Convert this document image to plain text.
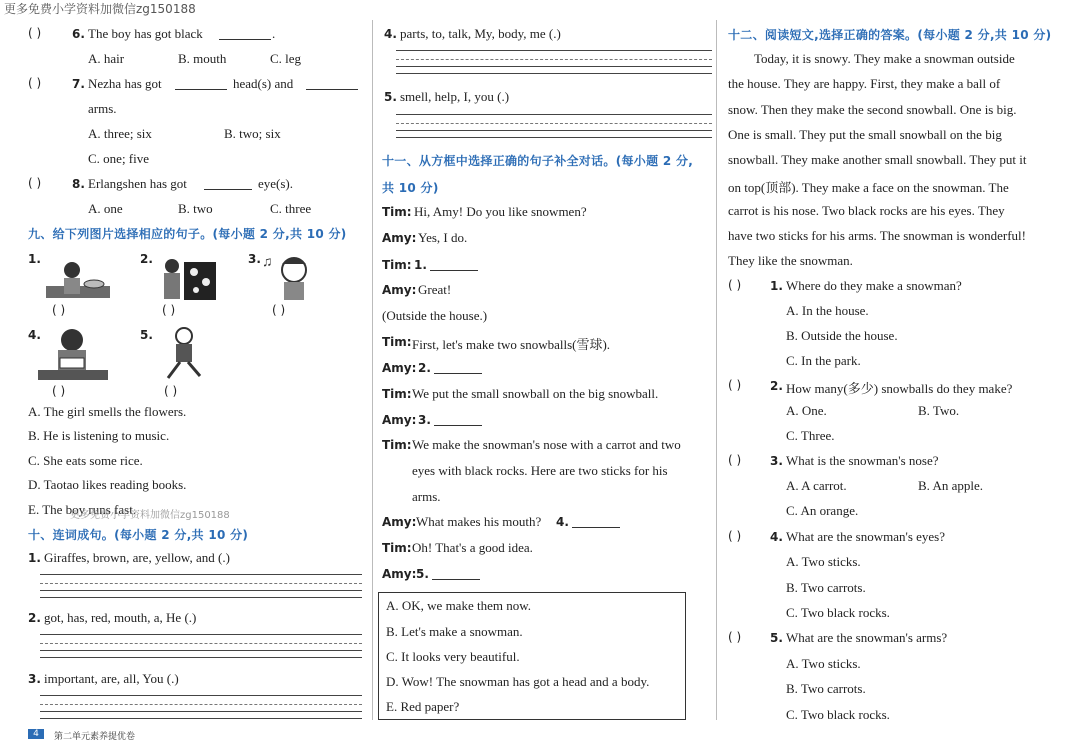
更多免费小学资料加微信zg150188
( )	6. The boy has got black	.
A. hair	B. mouth	C. leg
( )	7. Nezha has got	head(s) and
arms.
A. three; six	B. two; six
C. one; five
( )	8. Erlangshen has got	eye(s).
A. one	B. two	C. three
九、给下列图片选择相应的句子。(每小题 2 分,共 10 分)
1.
( )
2.
( )
3. ♫
( )
4.
( )
5.
( )
A. The girl smells the flowers.
B. He is listening to music.
C. She eats some rice.
D. Taotao likes reading books.
E. The boy runs fast.
更多免费小学资料加微信zg150188
十、连词成句。(每小题 2 分,共 10 分)
1. Giraffes, brown, are, yellow, and (.)
2. got, has, red, mouth, a, He (.)
3. important, are, all, You (.)
4	第二单元素养提优卷
4. parts, to, talk, My, body, me (.)
5. smell, help, I, you (.)
十一、从方框中选择正确的句子补全对话。(每小题 2 分,
共 10 分)
Tim: Hi, Amy! Do you like snowmen?
Amy: Yes, I do.
Tim: 1.
Amy: Great!
(Outside the house.)
Tim: First, let's make two snowballs(雪球).
Amy: 2.
Tim: We put the small snowball on the big snowball.
Amy: 3.
Tim: We make the snowman's nose with a carrot and two
eyes with black rocks. Here are two sticks for his
arms.
Amy: What makes his mouth? 4.
Tim: Oh! That's a good idea.
Amy: 5.
A. OK, we make them now.
B. Let's make a snowman.
C. It looks very beautiful.
D. Wow! The snowman has got a head and a body.
E. Red paper?
十二、阅读短文,选择正确的答案。(每小题 2 分,共 10 分)
Today, it is snowy. They make a snowman outside
the house. They are happy. First, they make a ball of
snow. Then they make the second snowball. One is big.
One is small. They put the small snowball on the big
snowball. They make another small snowball. They put it
on top(顶部). They make a face on the snowman. The
carrot is his nose. Two black rocks are his eyes. They
have two sticks for his arms. The snowman is wonderful!
They like the snowman.
( ) 1. Where do they make a snowman?
A. In the house.
B. Outside the house.
C. In the park.
( ) 2. How many(多少) snowballs do they make?
A. One.	B. Two.
C. Three.
( ) 3. What is the snowman's nose?
A. A carrot.	B. An apple.
C. An orange.
( ) 4. What are the snowman's eyes?
A. Two sticks.
B. Two carrots.
C. Two black rocks.
( ) 5. What are the snowman's arms?
A. Two sticks.
B. Two carrots.
C. Two black rocks.
